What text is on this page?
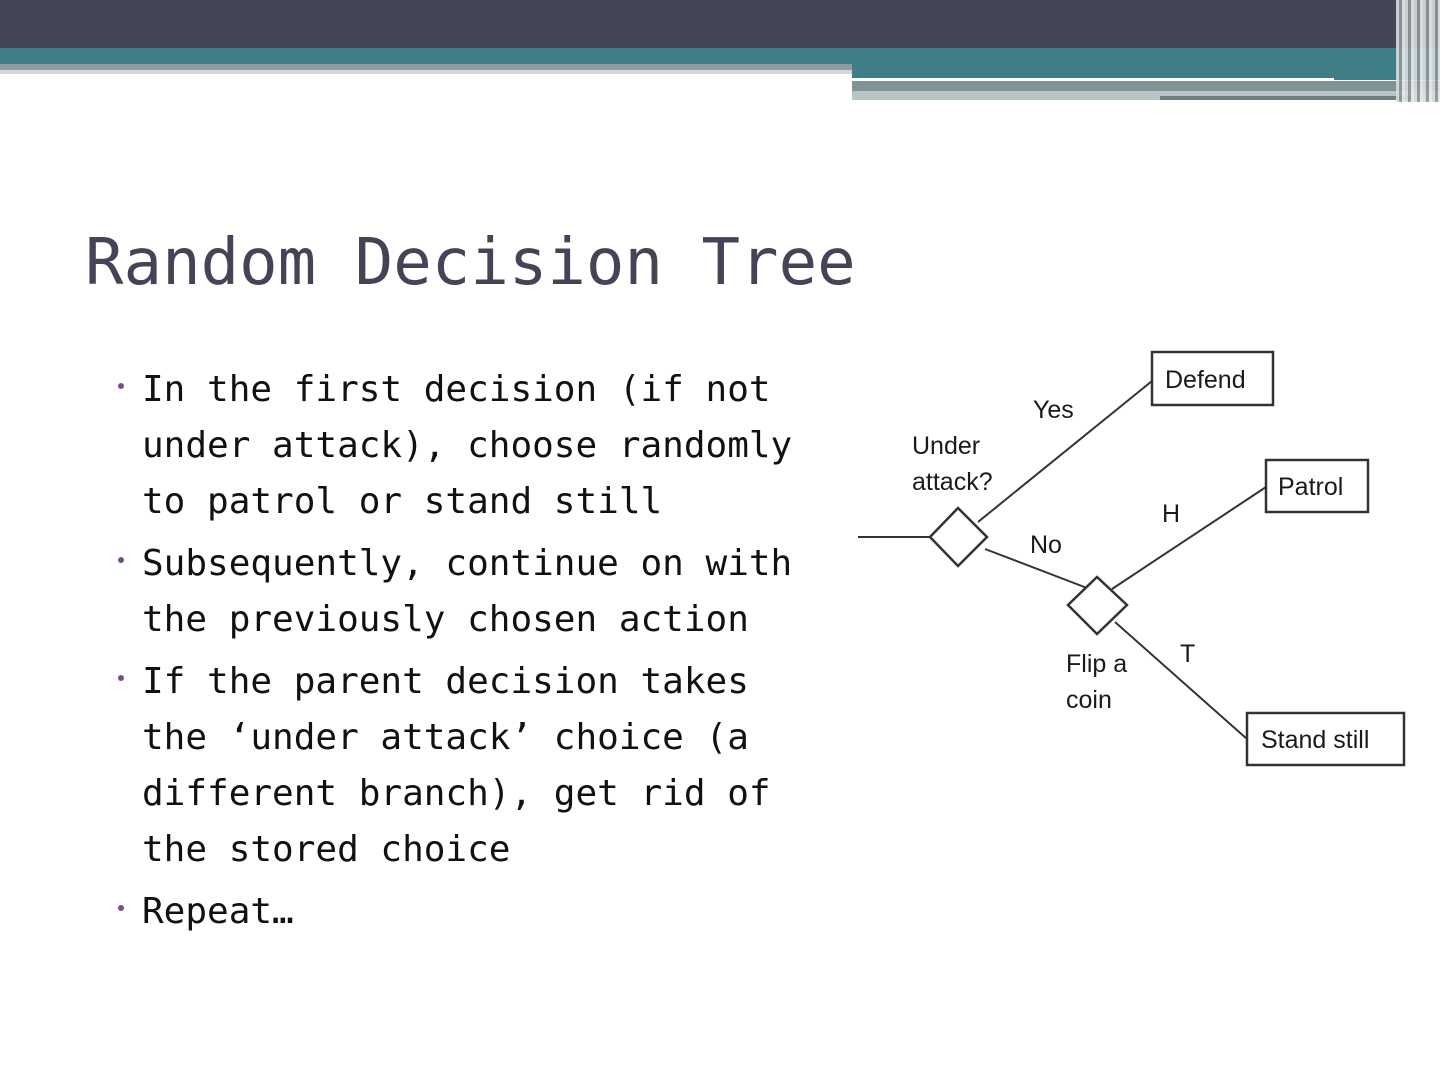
Random Decision Tree
In the first decision (if not
under attack), choose randomly
to patrol or stand still
Subsequently, continue on with
the previously chosen action
If the parent decision takes
the ‘under attack’ choice (a
different branch), get rid of
the stored choice
Repeat…
Defend
Patrol
Stand still
Under
attack?
Flip a
coin
Yes
No
H
T
